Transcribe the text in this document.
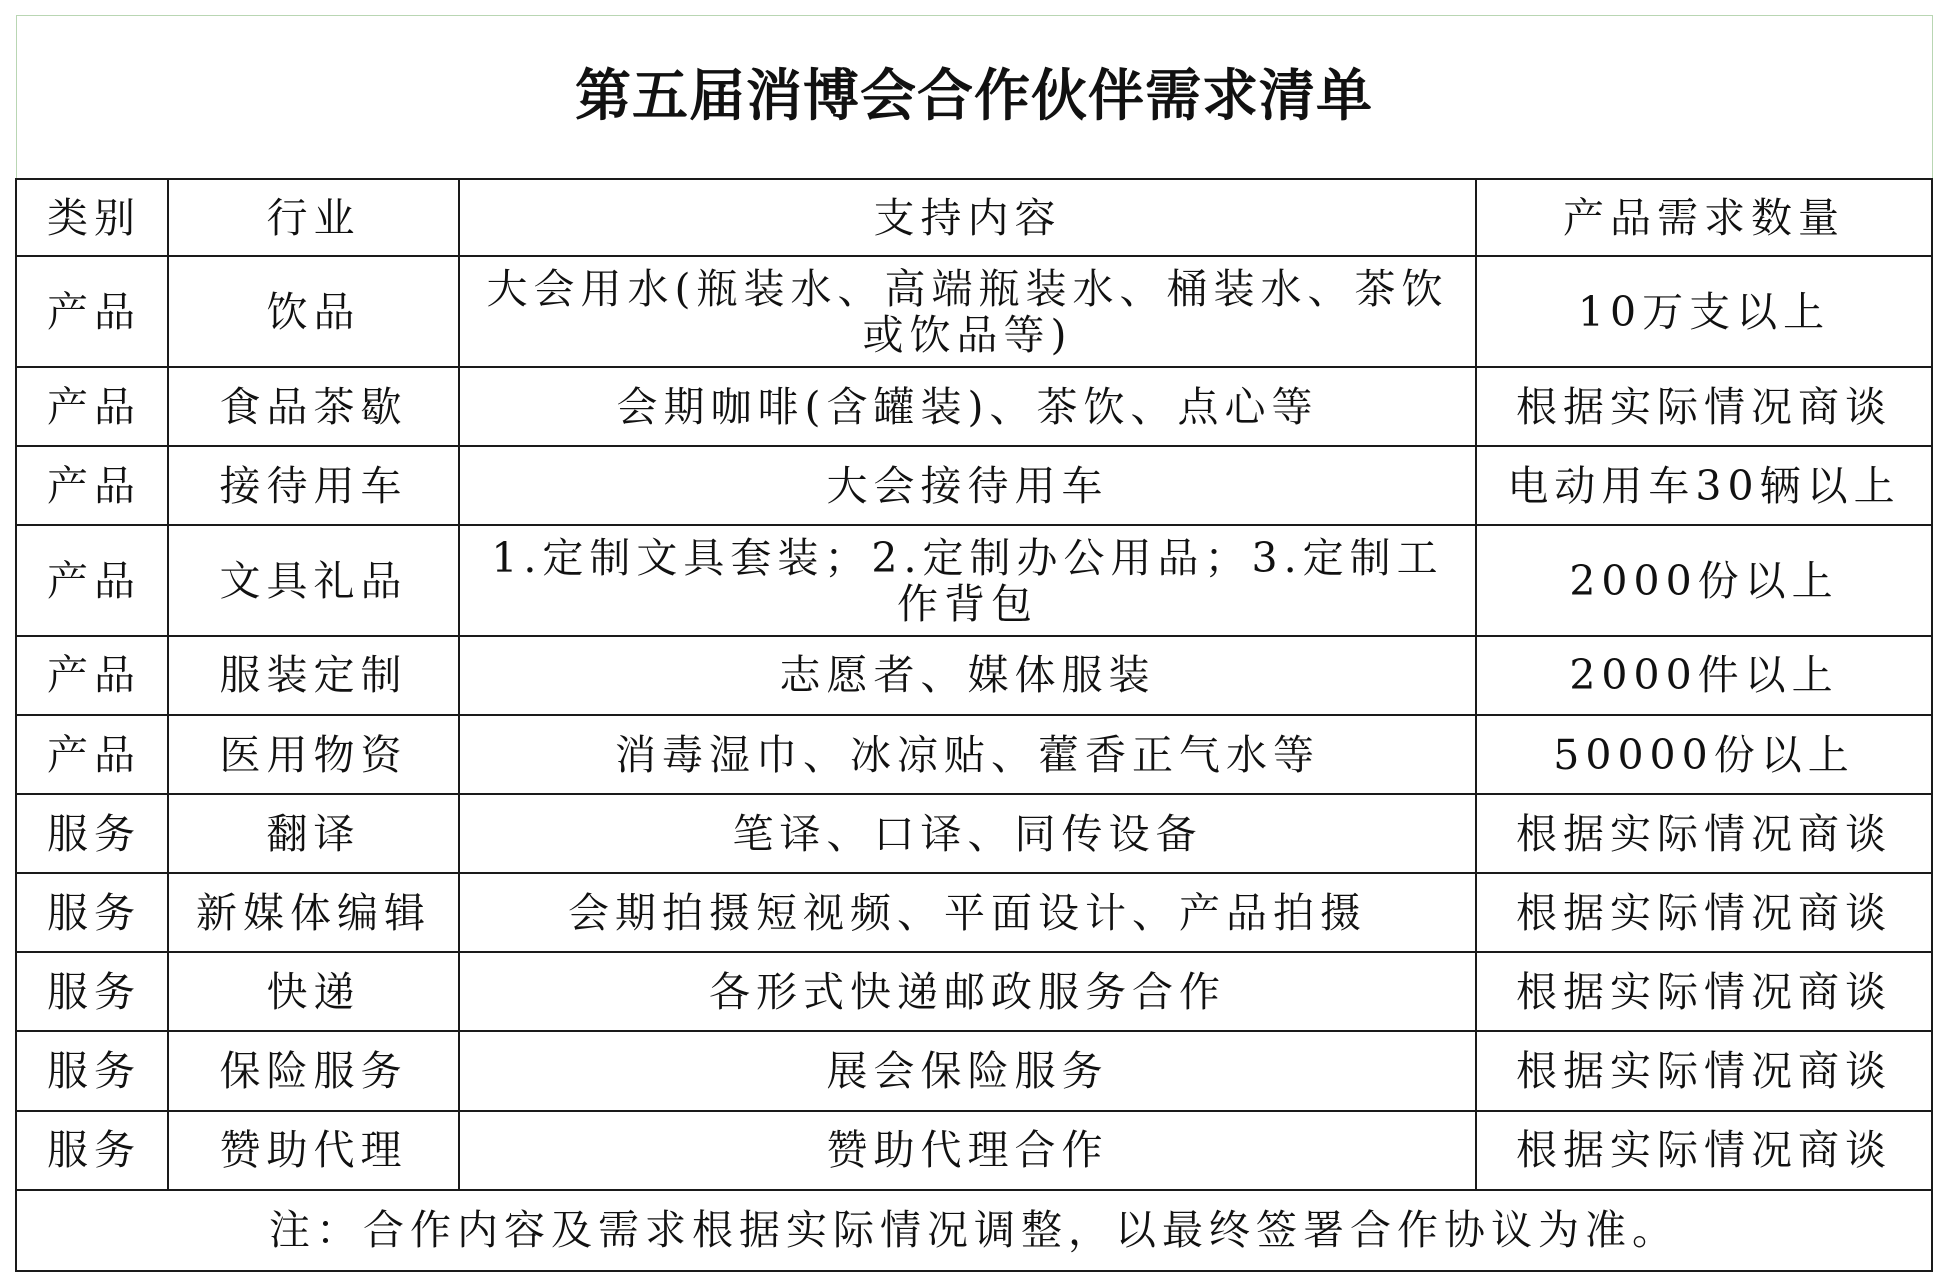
第五届消博会合作伙伴需求清单			
类别	行业	支持内容	产品需求数量
产品	饮品	大会用水(瓶装水、高端瓶装水、桶装水、茶饮或饮品等)	10万支以上
产品	食品茶歇	会期咖啡(含罐装)、茶饮、点心等	根据实际情况商谈
产品	接待用车	大会接待用车	电动用车30辆以上
产品	文具礼品	1.定制文具套装；2.定制办公用品；3.定制工作背包	2000份以上
产品	服装定制	志愿者、媒体服装	2000件以上
产品	医用物资	消毒湿巾、冰凉贴、藿香正气水等	50000份以上
服务	翻译	笔译、口译、同传设备	根据实际情况商谈
服务	新媒体编辑	会期拍摄短视频、平面设计、产品拍摄	根据实际情况商谈
服务	快递	各形式快递邮政服务合作	根据实际情况商谈
服务	保险服务	展会保险服务	根据实际情况商谈
服务	赞助代理	赞助代理合作	根据实际情况商谈
注：合作内容及需求根据实际情况调整，以最终签署合作协议为准。			
